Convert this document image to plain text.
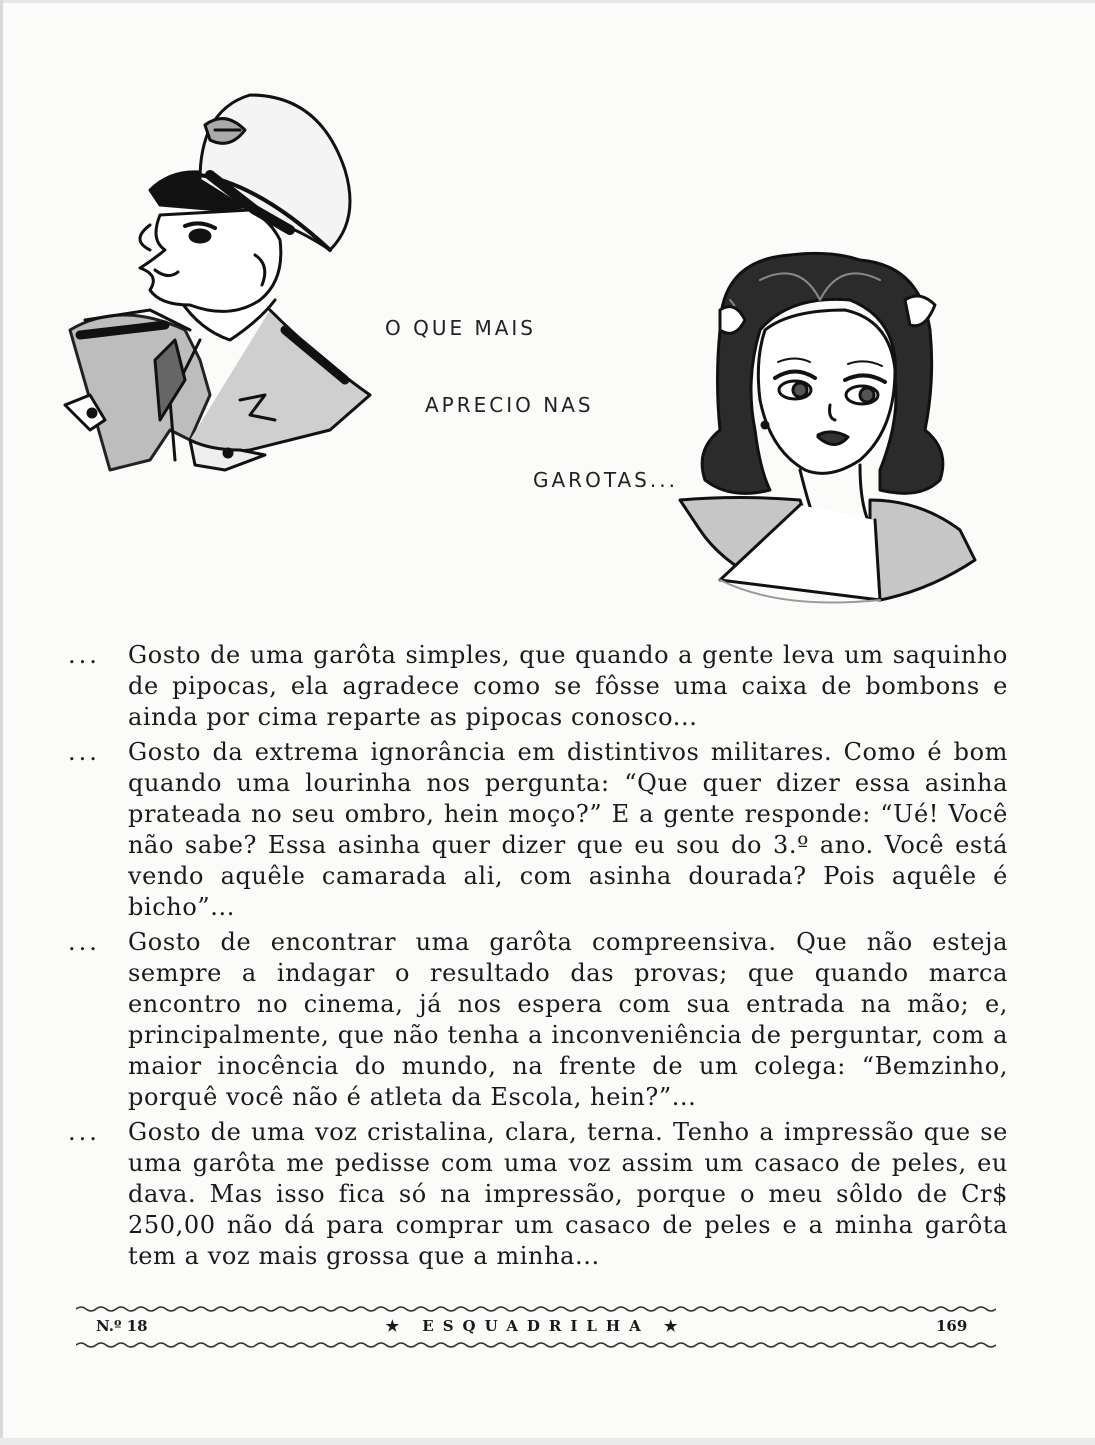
O QUE MAIS
APRECIO NAS
GAROTAS...
... Gosto de uma garôta simples, que quando a gente leva um saquinho de pipocas, ela agradece como se fôsse uma caixa de bombons e ainda por cima reparte as pipocas conosco...
... Gosto da extrema ignorância em distintivos militares. Como é bom quando uma lourinha nos pergunta: “Que quer dizer essa asinha prateada no seu ombro, hein moço?” E a gente responde: “Ué! Você não sabe? Essa asinha quer dizer que eu sou do 3.º ano. Você está vendo aquêle camarada ali, com asinha dourada? Pois aquêle é bicho”...
... Gosto de encontrar uma garôta compreensiva. Que não esteja sempre a indagar o resultado das provas; que quando marca encontro no cinema, já nos espera com sua entrada na mão; e, principalmente, que não tenha a inconveniência de perguntar, com a maior inocência do mundo, na frente de um colega: “Bemzinho, porquê você não é atleta da Escola, hein?”...
... Gosto de uma voz cristalina, clara, terna. Tenho a impressão que se uma garôta me pedisse com uma voz assim um casaco de peles, eu dava. Mas isso fica só na impressão, porque o meu sôldo de Cr$ 250,00 não dá para comprar um casaco de peles e a minha garôta tem a voz mais grossa que a minha...
N.º 18	★ ESQUADRILHA ★	169
